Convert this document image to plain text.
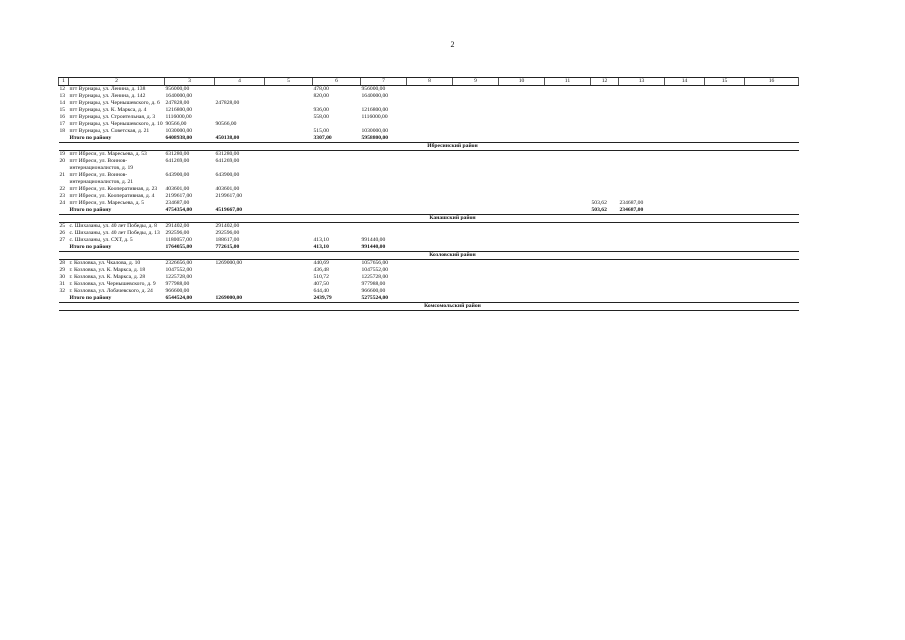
2
1	2	3	4	5	6	7	8	9	10	11	12	13	14	15	16
12	пгт Вурнары, ул. Ленина, д. 138	956000,00			478,00	956000,00									
13	пгт Вурнары, ул. Ленина, д. 142	1640000,00			820,00	1640000,00									
14	пгт Вурнары, ул. Чернышевского, д. 6	247828,00	247828,00												
15	пгт Вурнары, ул. К. Маркса, д. 4	1216800,00			936,00	1216800,00									
16	пгт Вурнары, ул. Строительная, д. 3	1116000,00			558,00	1116000,00									
17	пгт Вурнары, ул. Чернышевского, д. 10	90566,00	90566,00												
18	пгт Вурнары, ул. Советская, д. 21	1030000,00			515,00	1030000,00									
	Итого по району	6408938,00	450138,00		3307,00	5958800,00									
						Ибресинский район									
19	пгт Ибреси, ул. Маресьева, д. 53	631280,00	631280,00												
20	пгт Ибреси, ул. Воинов-интернационалистов, д. 19	641269,00	641269,00												
21	пгт Ибреси, ул. Воинов-интернационалистов, д. 21	643900,00	643900,00												
22	пгт Ибреси, ул. Кооперативная, д. 23	403601,00	403601,00												
23	пгт Ибреси, ул. Кооперативная, д. 4	2199617,00	2199617,00												
24	пгт Ибреси, ул. Маресьева, д. 5	234687,00									503,62	234687,00			
	Итого по району	4754354,00	4519667,00								503,62	234687,00			
						Канашский район									
25	с. Шихазаны, ул. 40 лет Победы, д. 8	291402,00	291402,00												
26	с. Шихазаны, ул. 40 лет Победы, д. 13	292596,00	292596,00												
27	с. Шихазаны, ул. СХТ, д. 5	1180057,00	188617,00		413,10	991440,00									
	Итого по району	1764055,00	772615,00		413,10	991440,00									
						Козловский район									
28	г. Козловка, ул. Чкалова, д. 10	2326656,00	1269000,00		440,69	1057656,00									
29	г. Козловка, ул. К. Маркса, д. 18	1047552,00			436,48	1047552,00									
30	г. Козловка, ул. К. Маркса, д. 28	1225728,00			510,72	1225728,00									
31	г. Козловка, ул. Чернышевского, д. 9	977988,00			407,50	977988,00									
32	г. Козловка, ул. Лобачевского, д. 24	966600,00			644,40	966600,00									
	Итого по району	6544524,00	1269000,00		2439,79	5275524,00									
						Комсомольский район									
